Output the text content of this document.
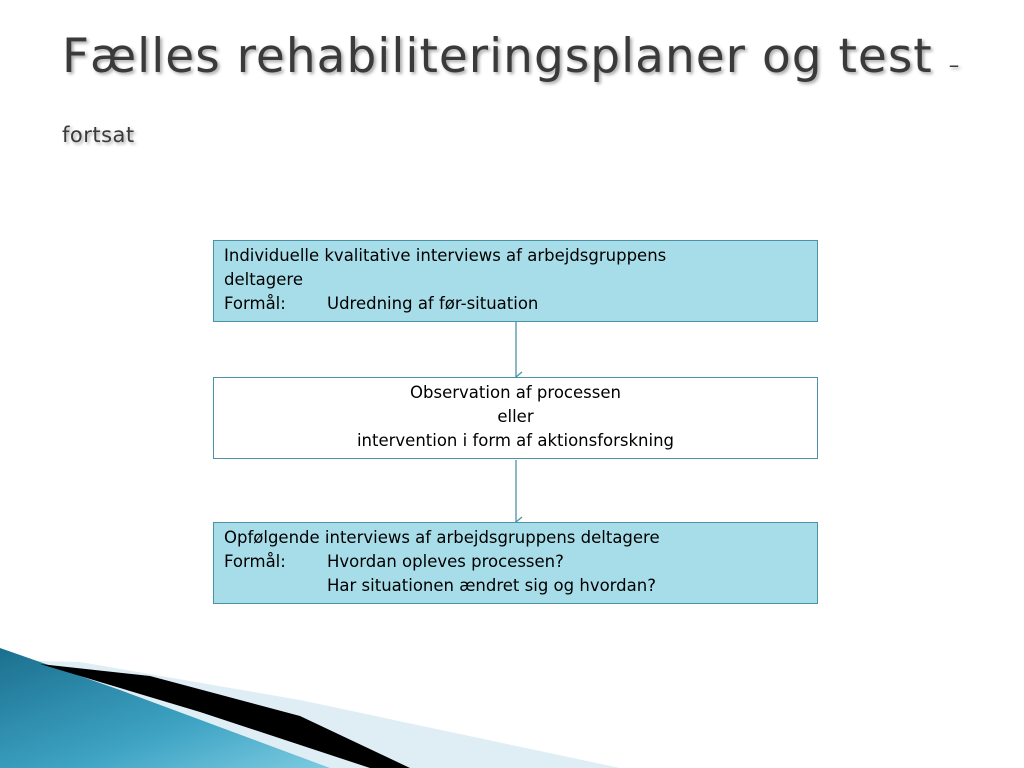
Fælles rehabiliteringsplaner og test – fortsat
Individuelle kvalitative interviews af arbejdsgruppens
deltagere
Formål: Udredning af før-situation
Observation af processen
eller
intervention i form af aktionsforskning
Opfølgende interviews af arbejdsgruppens deltagere
Formål: Hvordan opleves processen?
Har situationen ændret sig og hvordan?
